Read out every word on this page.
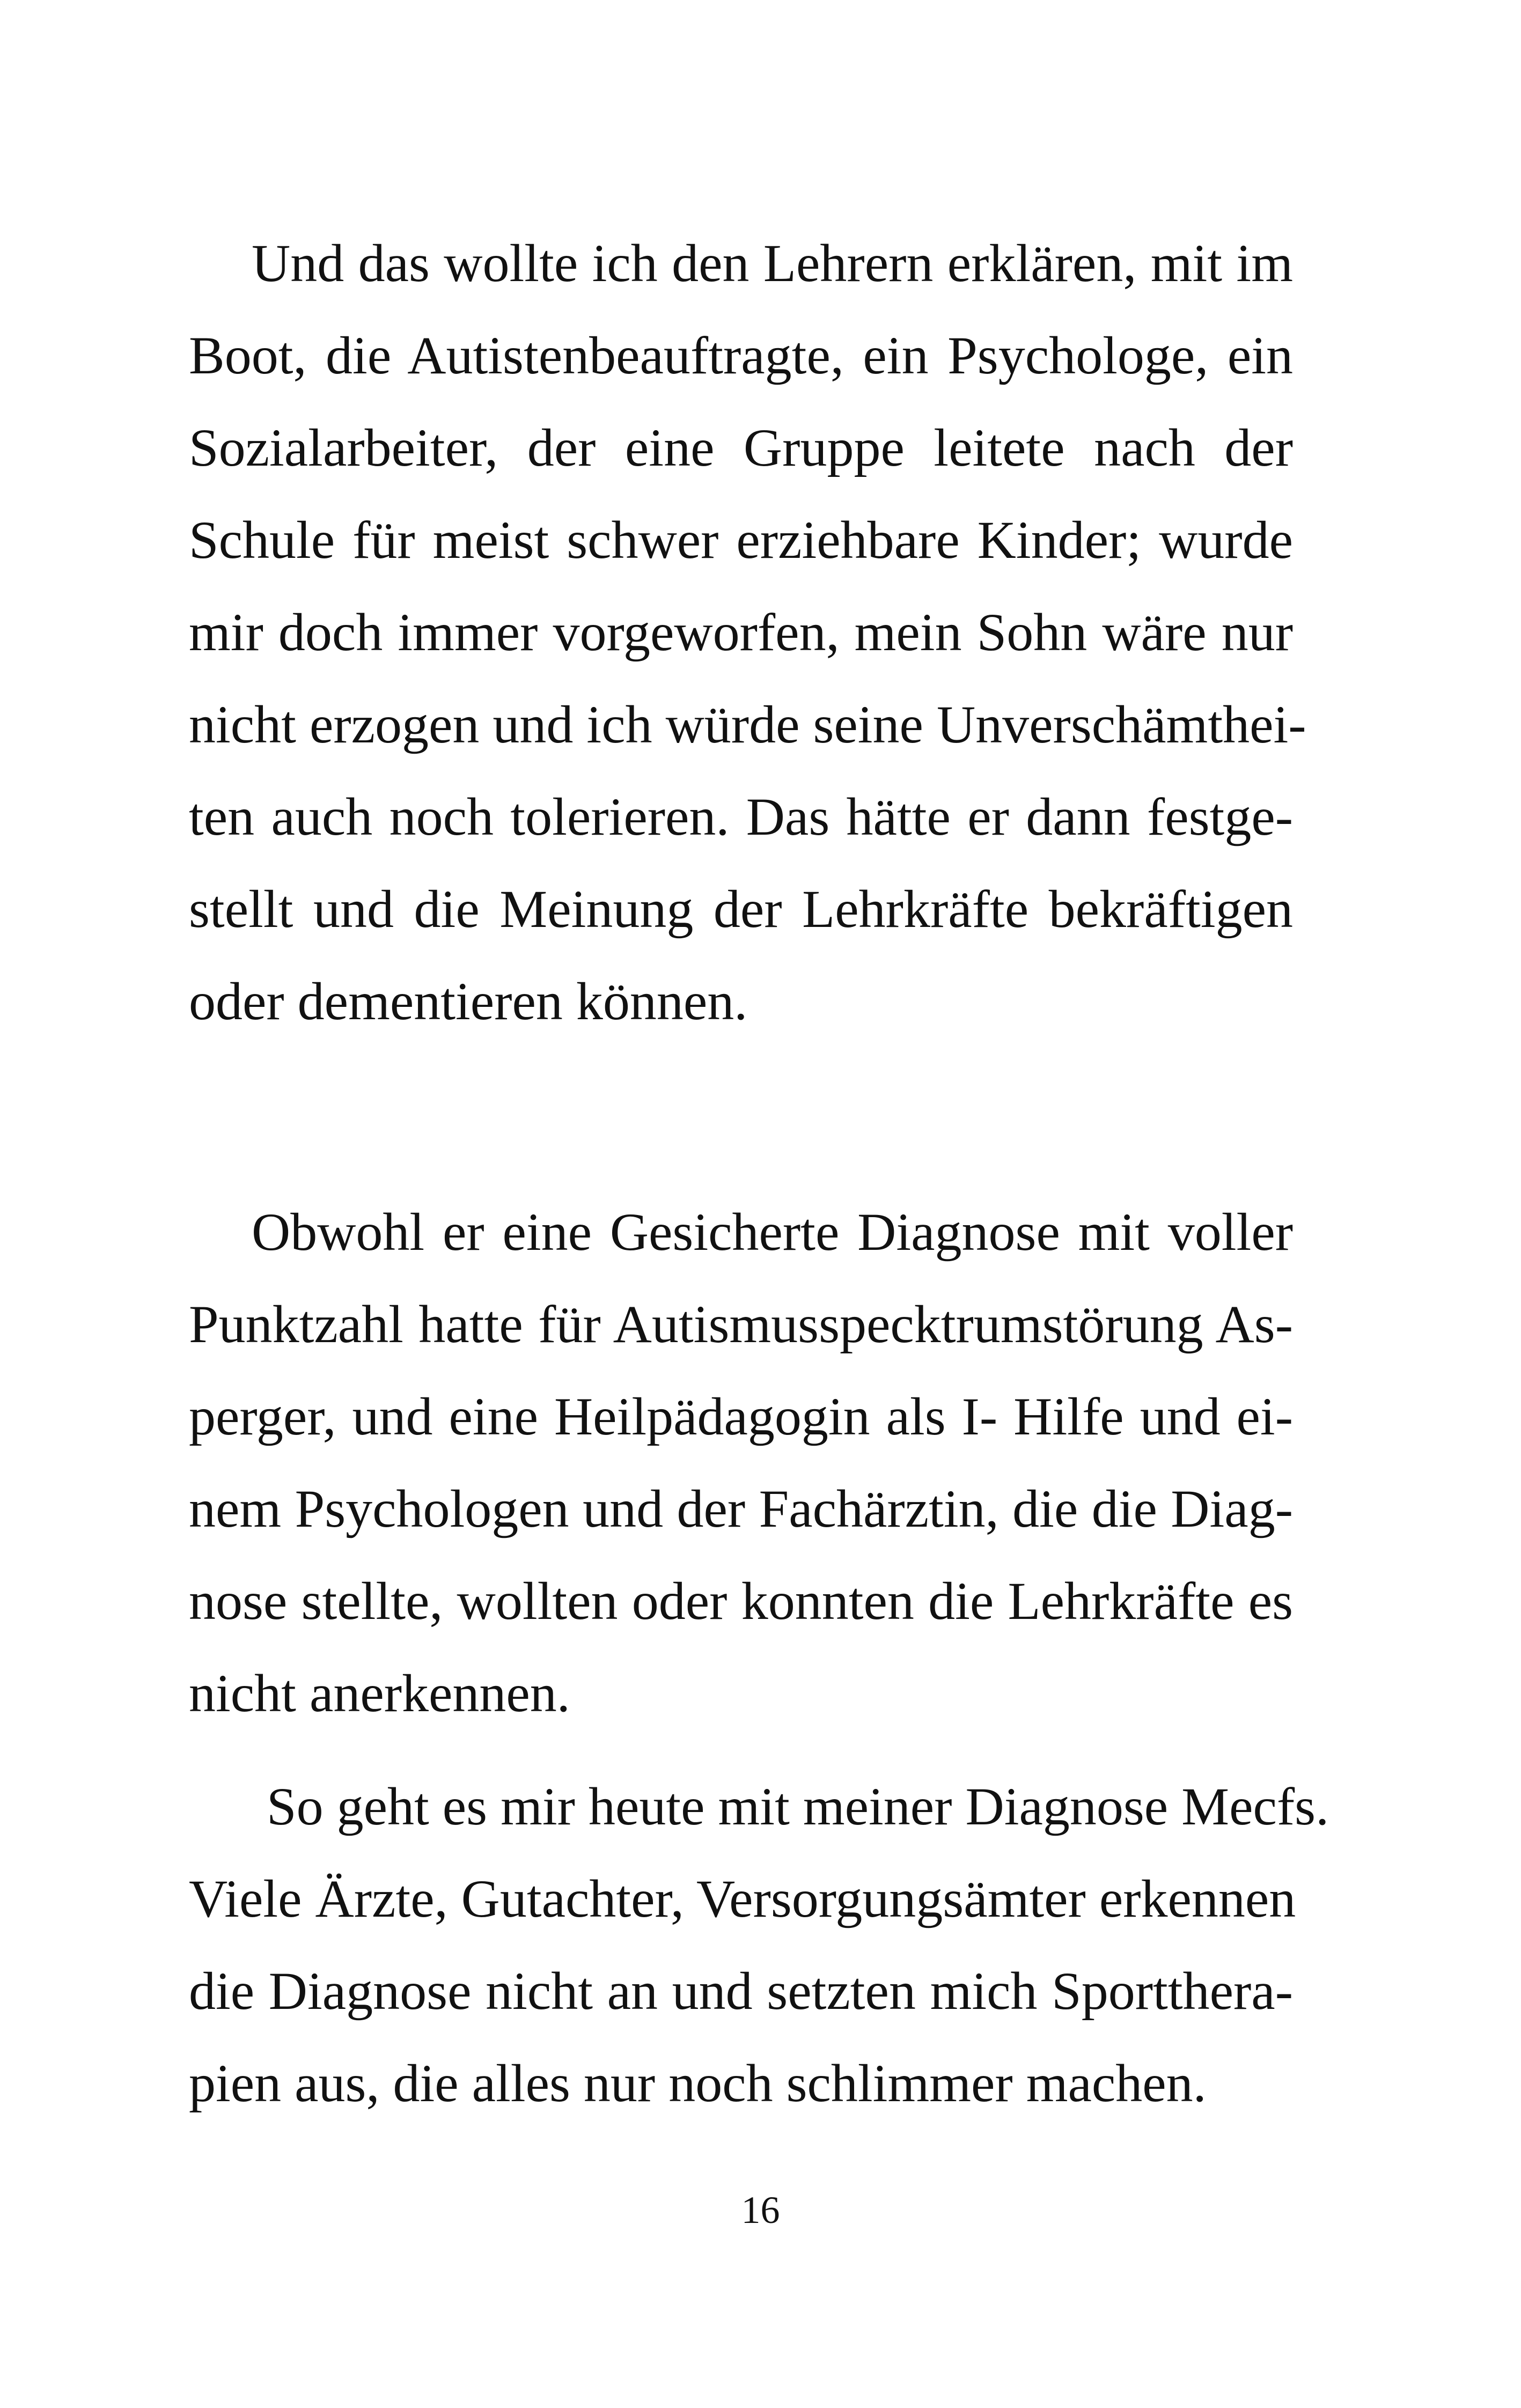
Und das wollte ich den Lehrern erklären, mit im
Boot, die Autistenbeauftragte, ein Psychologe, ein
Sozialarbeiter, der eine Gruppe leitete nach der
Schule für meist schwer erziehbare Kinder; wurde
mir doch immer vorgeworfen, mein Sohn wäre nur
nicht erzogen und ich würde seine Unverschämthei-
ten auch noch tolerieren. Das hätte er dann festge-
stellt und die Meinung der Lehrkräfte bekräftigen
oder dementieren können.
Obwohl er eine Gesicherte Diagnose mit voller
Punktzahl hatte für Autismusspecktrumstörung As-
perger, und eine Heilpädagogin als I- Hilfe und ei-
nem Psychologen und der Fachärztin, die die Diag-
nose stellte, wollten oder konnten die Lehrkräfte es
nicht anerkennen.
So geht es mir heute mit meiner Diagnose Mecfs.
Viele Ärzte, Gutachter, Versorgungsämter erkennen
die Diagnose nicht an und setzten mich Sportthera-
pien aus, die alles nur noch schlimmer machen.
16
